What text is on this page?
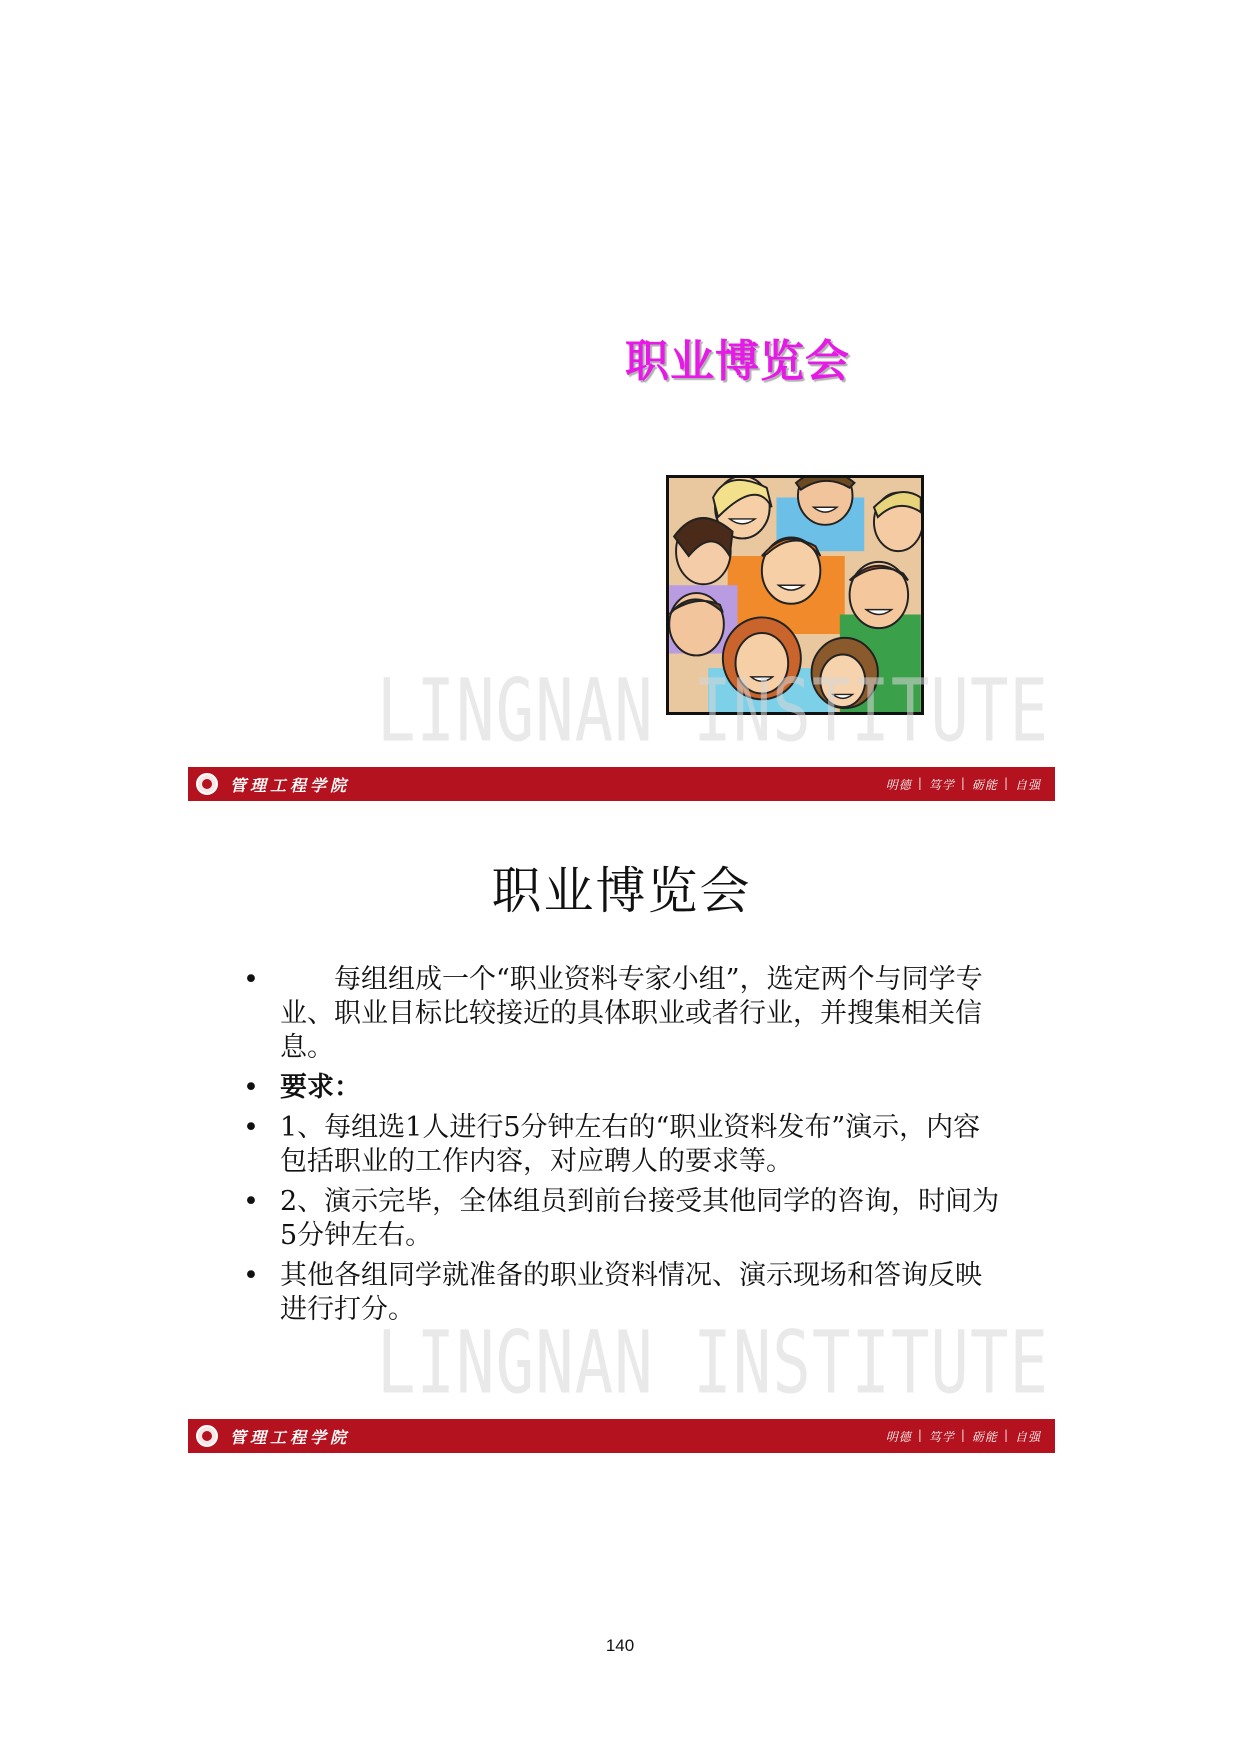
职业博览会
LINGNAN INSTITUTE
管理工程学院	明德 | 笃学 | 砺能 | 自强
职业博览会
•	每组组成一个“职业资料专家小组”，选定两个与同学专业、职业目标比较接近的具体职业或者行业，并搜集相关信息。
• 要求：
• 1、每组选1人进行5分钟左右的“职业资料发布”演示，内容包括职业的工作内容，对应聘人的要求等。
• 2、演示完毕，全体组员到前台接受其他同学的咨询，时间为5分钟左右。
• 其他各组同学就准备的职业资料情况、演示现场和答询反映进行打分。
LINGNAN INSTITUTE
管理工程学院	明德 | 笃学 | 砺能 | 自强
140
